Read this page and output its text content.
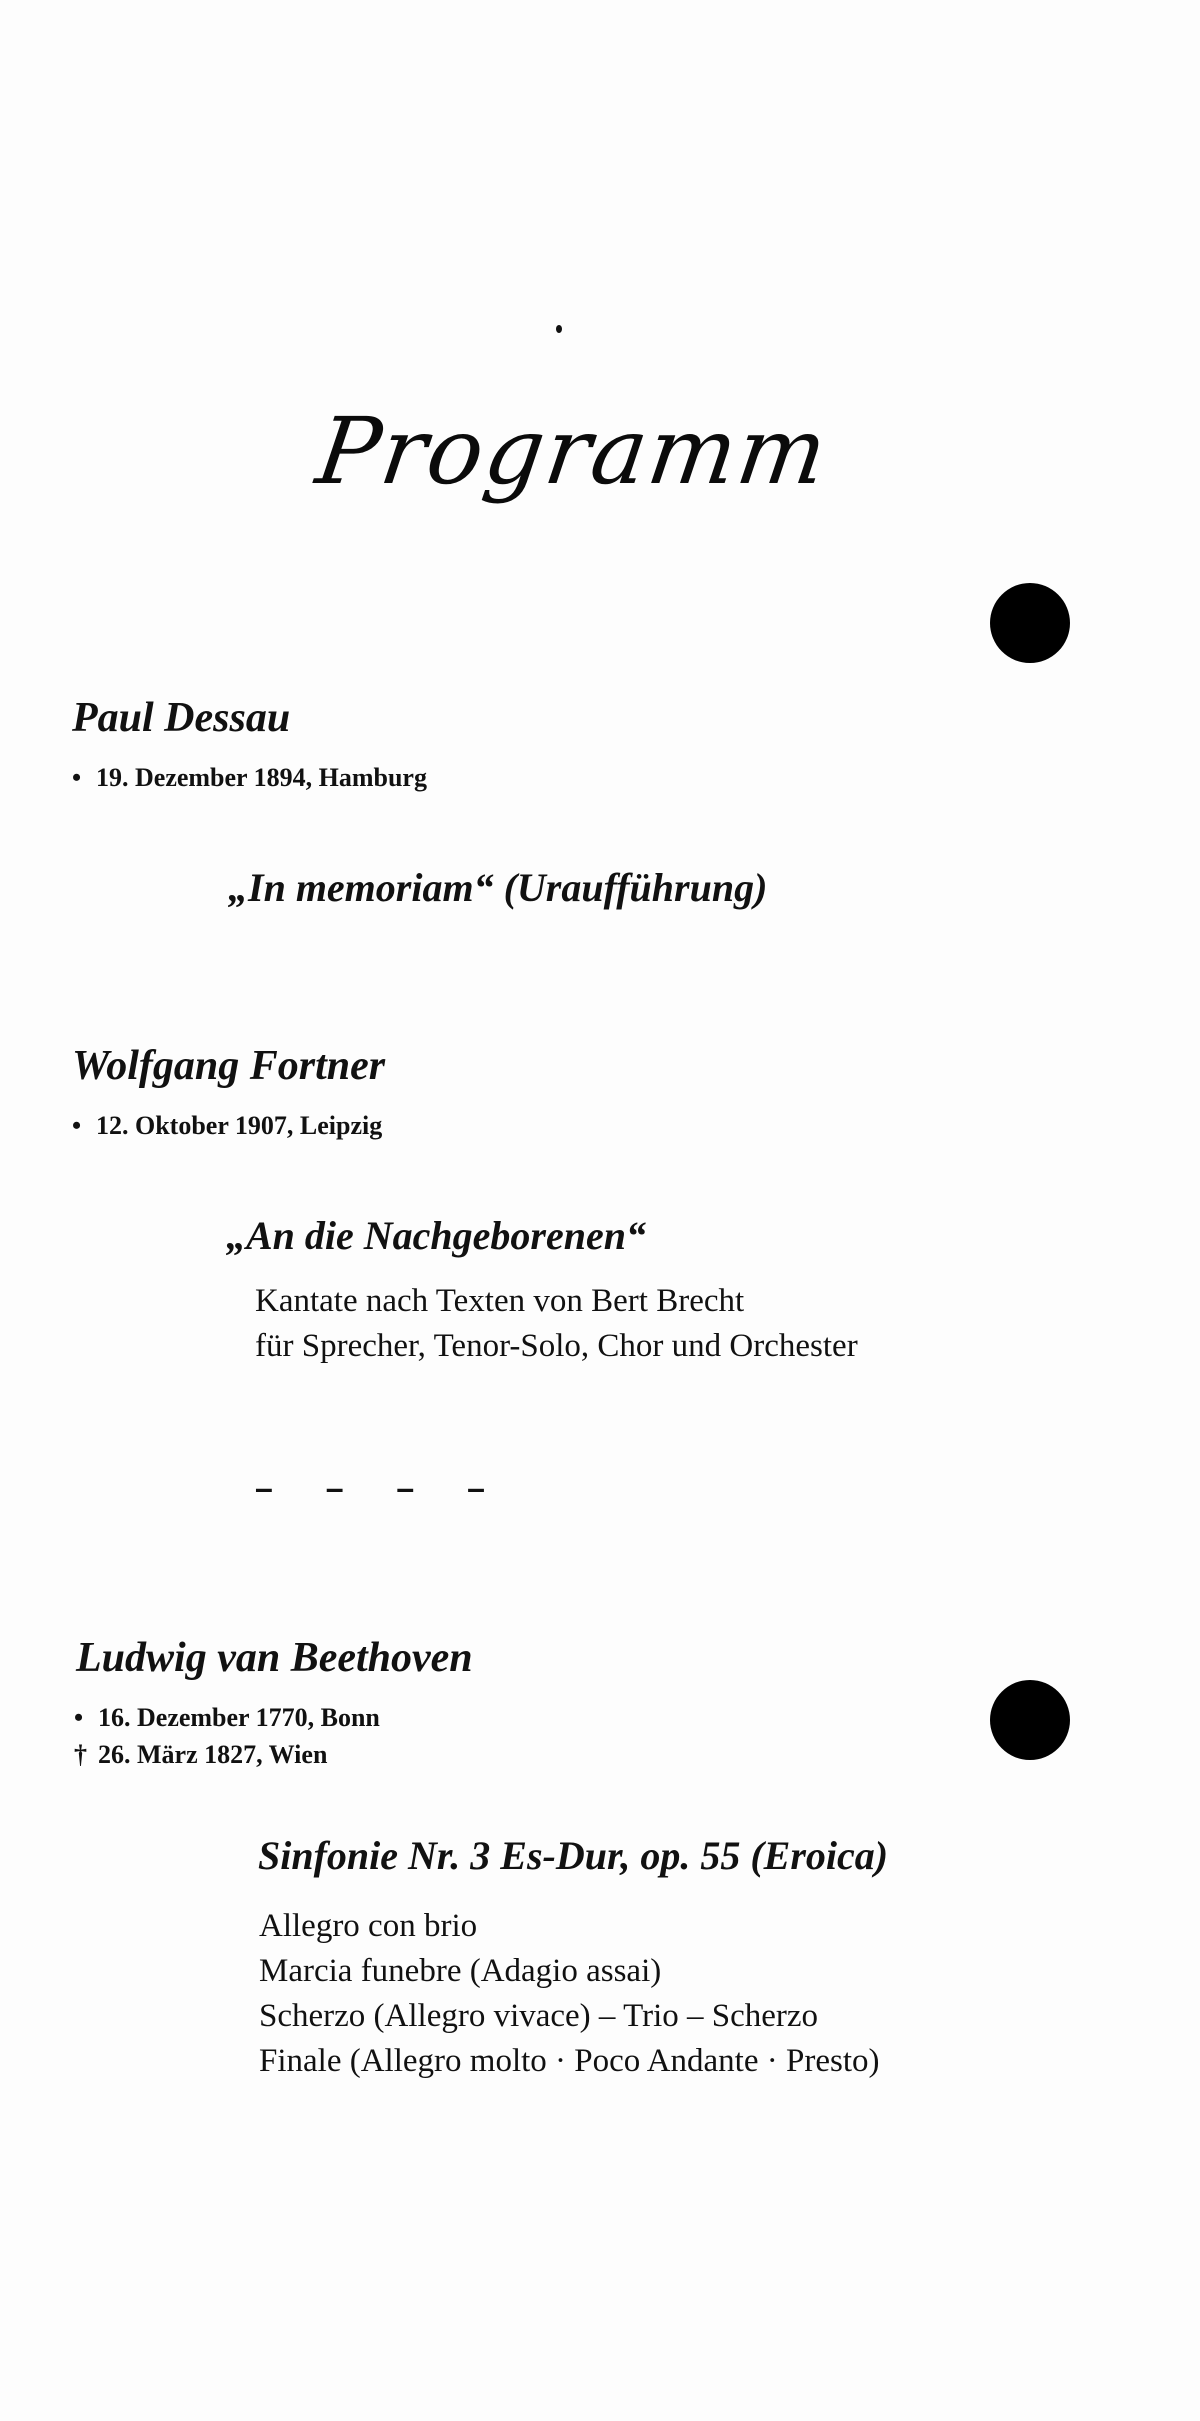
Programm
Paul Dessau
• 19. Dezember 1894, Hamburg
„In memoriam“ (Uraufführung)
Wolfgang Fortner
• 12. Oktober 1907, Leipzig
„An die Nachgeborenen“
Kantate nach Texten von Bert Brecht
für Sprecher, Tenor-Solo, Chor und Orchester
– – – –
Ludwig van Beethoven
• 16. Dezember 1770, Bonn
† 26. März 1827, Wien
Sinfonie Nr. 3 Es-Dur, op. 55 (Eroica)
Allegro con brio
Marcia funebre (Adagio assai)
Scherzo (Allegro vivace) – Trio – Scherzo
Finale (Allegro molto · Poco Andante · Presto)
